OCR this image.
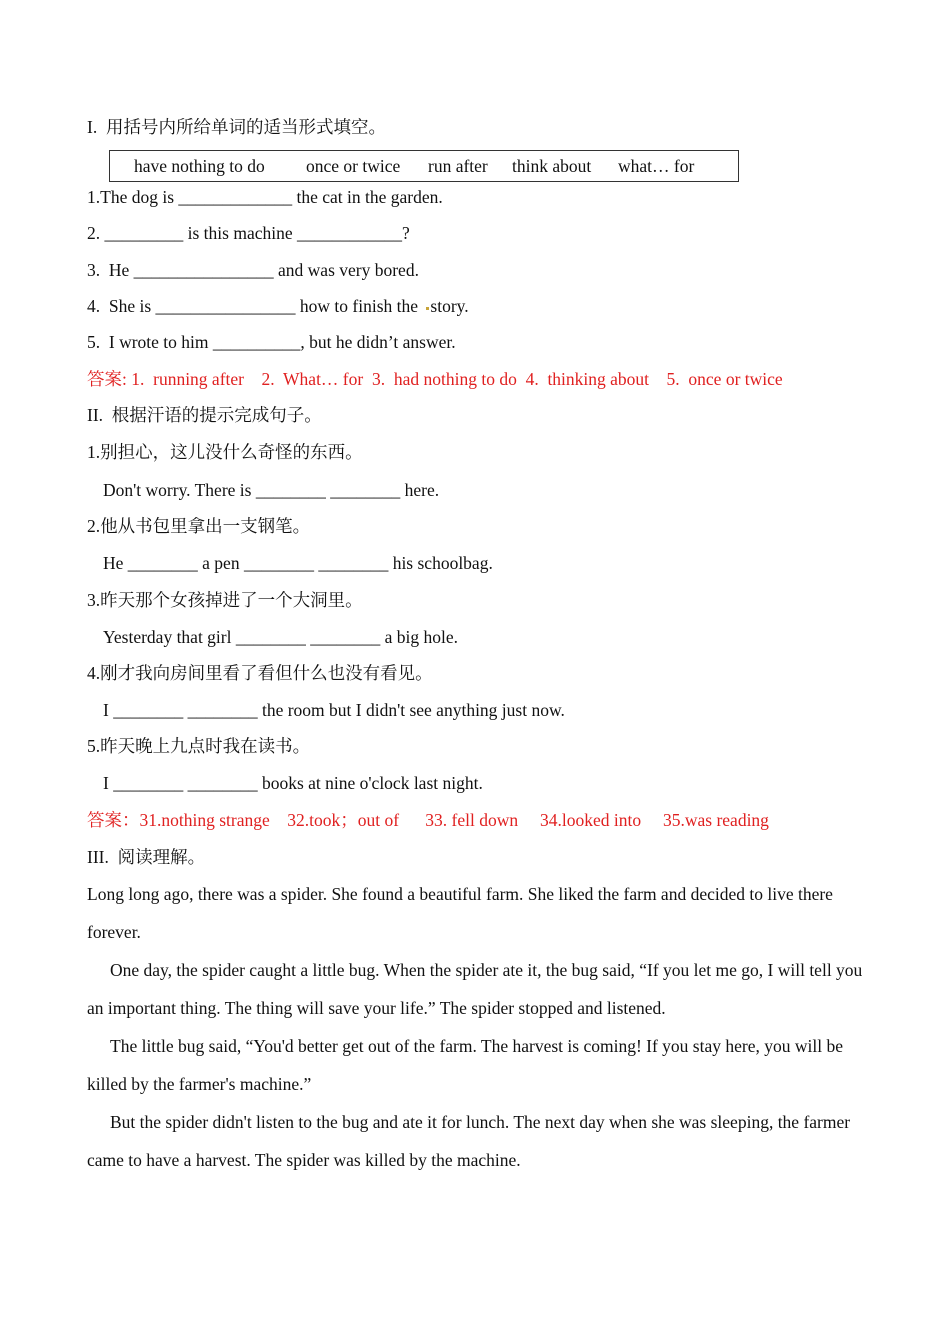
I.  用括号内所给单词的适当形式填空。
have nothing to do once or twice run after think about what… for
1.The dog is _____________ the cat in the garden.
2. _________ is this machine ____________?
3.  He ________________ and was very bored.
4.  She is ________________ how to finish the story.
5.  I wrote to him __________, but he didn’t answer.
答案: 1.  running after    2.  What… for  3.  had nothing to do  4.  thinking about    5.  once or twice
II.  根据汗语的提示完成句子。
1.别担心，这儿没什么奇怪的东西。
Don't worry. There is ________ ________ here.
2.他从书包里拿出一支钢笔。
He ________ a pen ________ ________ his schoolbag.
3.昨天那个女孩掉进了一个大洞里。
Yesterday that girl ________ ________ a big hole.
4.刚才我向房间里看了看但什么也没有看见。
I ________ ________ the room but I didn't see anything just now.
5.昨天晚上九点时我在读书。
I ________ ________ books at nine o'clock last night.
答案：31.nothing strange    32.took；out of      33. fell down     34.looked into     35.was reading
III.  阅读理解。

Long long ago, there was a spider. She found a beautiful farm. She liked the farm and decided to live there forever.

One day, the spider caught a little bug. When the spider ate it, the bug said, “If you let me go, I will tell you an important thing. The thing will save your life.” The spider stopped and listened.

The little bug said, “You'd better get out of the farm. The harvest is coming! If you stay here, you will be killed by the farmer's machine.”

But the spider didn't listen to the bug and ate it for lunch. The next day when she was sleeping, the farmer came to have a harvest. The spider was killed by the machine.
